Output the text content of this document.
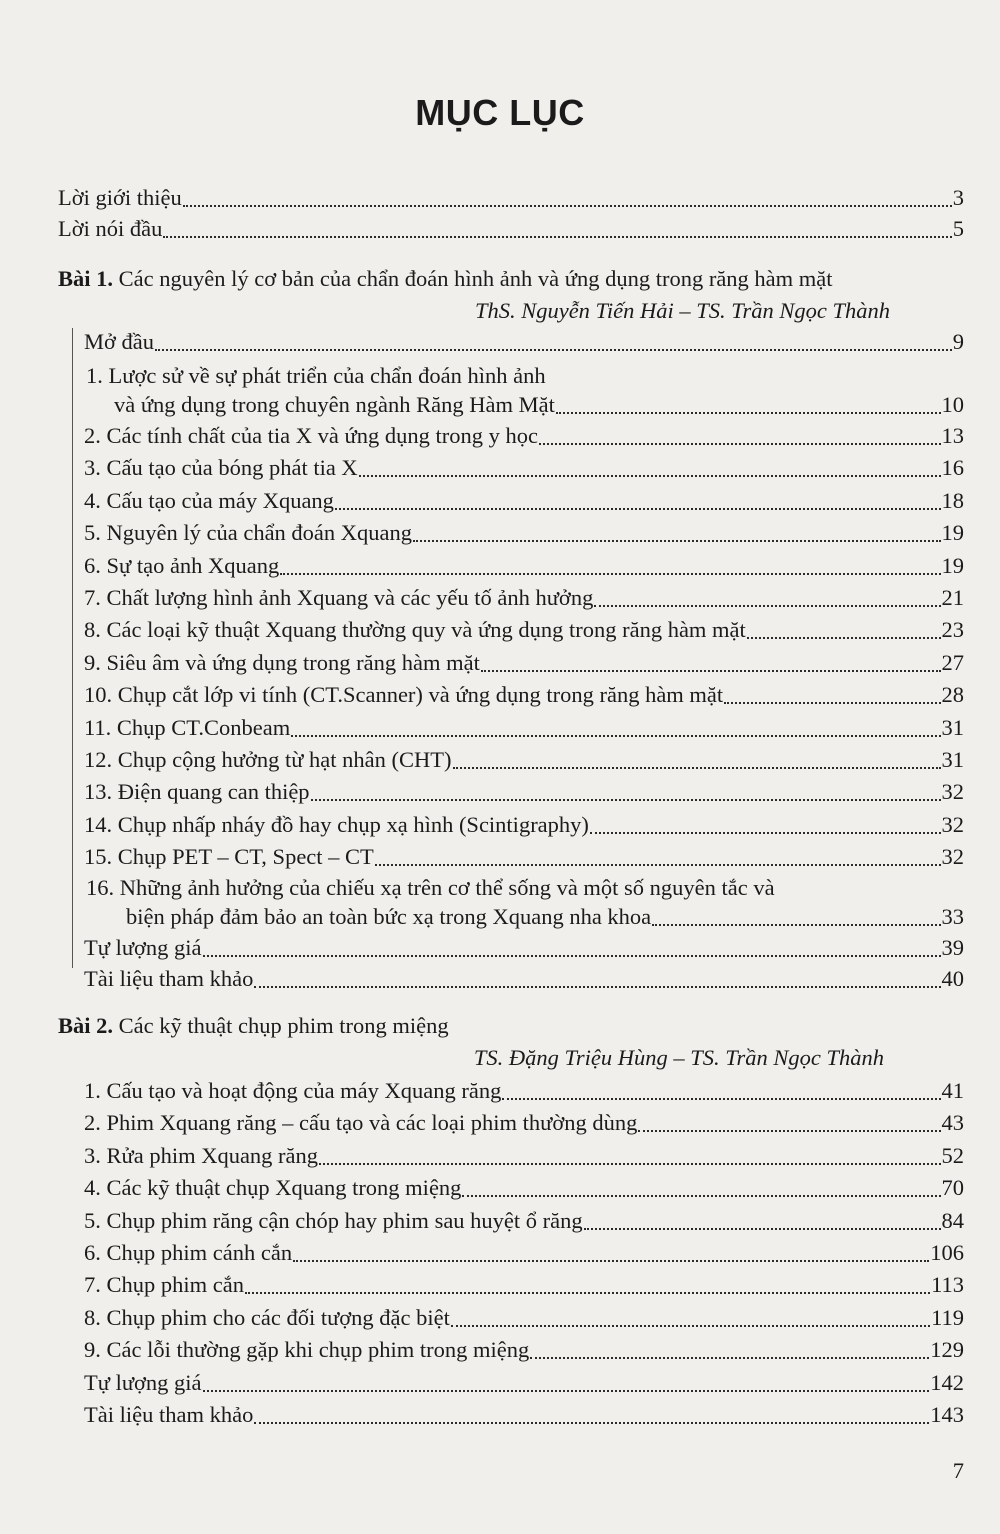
MỤC LỤC
Lời giới thiệu	3
Lời nói đầu	5
Bài 1. Các nguyên lý cơ bản của chẩn đoán hình ảnh và ứng dụng trong răng hàm mặt
ThS. Nguyễn Tiến Hải – TS. Trần Ngọc Thành
Mở đầu	9
1. Lược sử về sự phát triển của chẩn đoán hình ảnh
và ứng dụng trong chuyên ngành Răng Hàm Mặt	10
2. Các tính chất của tia X và ứng dụng trong y học	13
3. Cấu tạo của bóng phát tia X	16
4. Cấu tạo của máy Xquang	18
5. Nguyên lý của chẩn đoán Xquang	19
6. Sự tạo ảnh Xquang	19
7. Chất lượng hình ảnh Xquang và các yếu tố ảnh hưởng	21
8. Các loại kỹ thuật Xquang thường quy và ứng dụng trong răng hàm mặt	23
9. Siêu âm và ứng dụng trong răng hàm mặt	27
10. Chụp cắt lớp vi tính (CT.Scanner) và ứng dụng trong răng hàm mặt	28
11. Chụp CT.Conbeam	31
12. Chụp cộng hưởng từ hạt nhân (CHT)	31
13. Điện quang can thiệp	32
14. Chụp nhấp nháy đồ hay chụp xạ hình (Scintigraphy)	32
15. Chụp PET – CT, Spect – CT	32
16. Những ảnh hưởng của chiếu xạ trên cơ thể sống và một số nguyên tắc và
biện pháp đảm bảo an toàn bức xạ trong Xquang nha khoa	33
Tự lượng giá	39
Tài liệu tham khảo	40
Bài 2. Các kỹ thuật chụp phim trong miệng
TS. Đặng Triệu Hùng – TS. Trần Ngọc Thành
1. Cấu tạo và hoạt động của máy Xquang răng	41
2. Phim Xquang răng – cấu tạo và các loại phim thường dùng	43
3. Rửa phim Xquang răng	52
4. Các kỹ thuật chụp Xquang trong miệng	70
5. Chụp phim răng cận chóp hay phim sau huyệt ổ răng	84
6. Chụp phim cánh cắn	106
7. Chụp phim cắn	113
8. Chụp phim cho các đối tượng đặc biệt	119
9. Các lỗi thường gặp khi chụp phim trong miệng	129
Tự lượng giá	142
Tài liệu tham khảo	143
7
